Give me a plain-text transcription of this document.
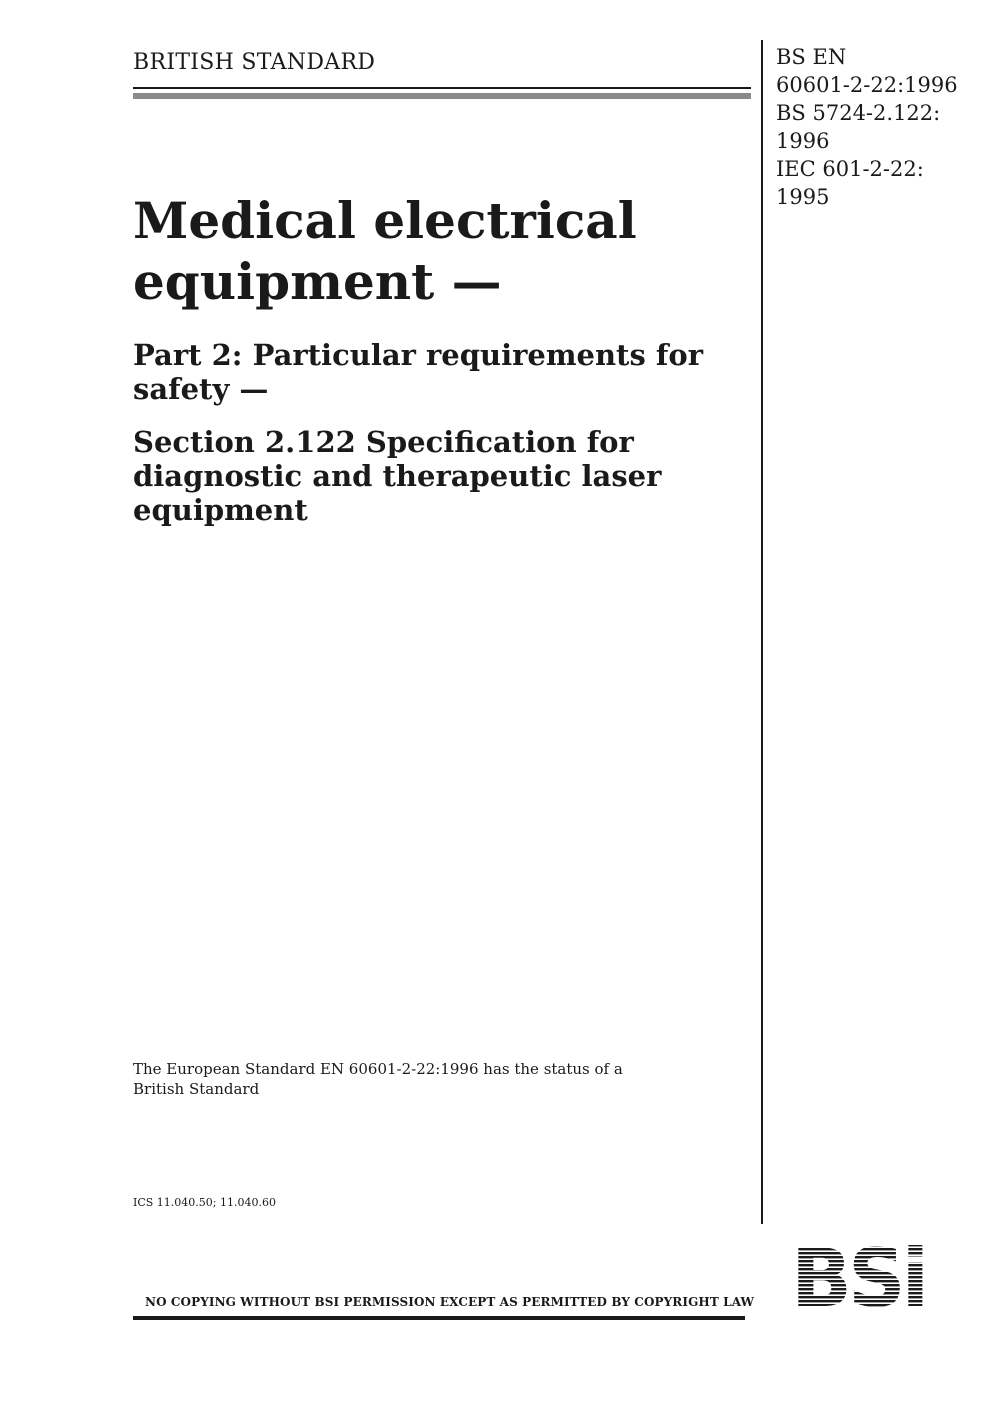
BRITISH STANDARD	BS EN
60601-2-22:1996
BS 5724-2.122:
1996
IEC 601-2-22:
1995
Medical electrical
equipment —
Part 2: Particular requirements for
safety —
Section 2.122 Specification for
diagnostic and therapeutic laser
equipment
The European Standard EN 60601-2-22:1996 has the status of a
British Standard
ICS 11.040.50; 11.040.60
NO COPYING WITHOUT BSI PERMISSION EXCEPT AS PERMITTED BY COPYRIGHT LAW BSi
